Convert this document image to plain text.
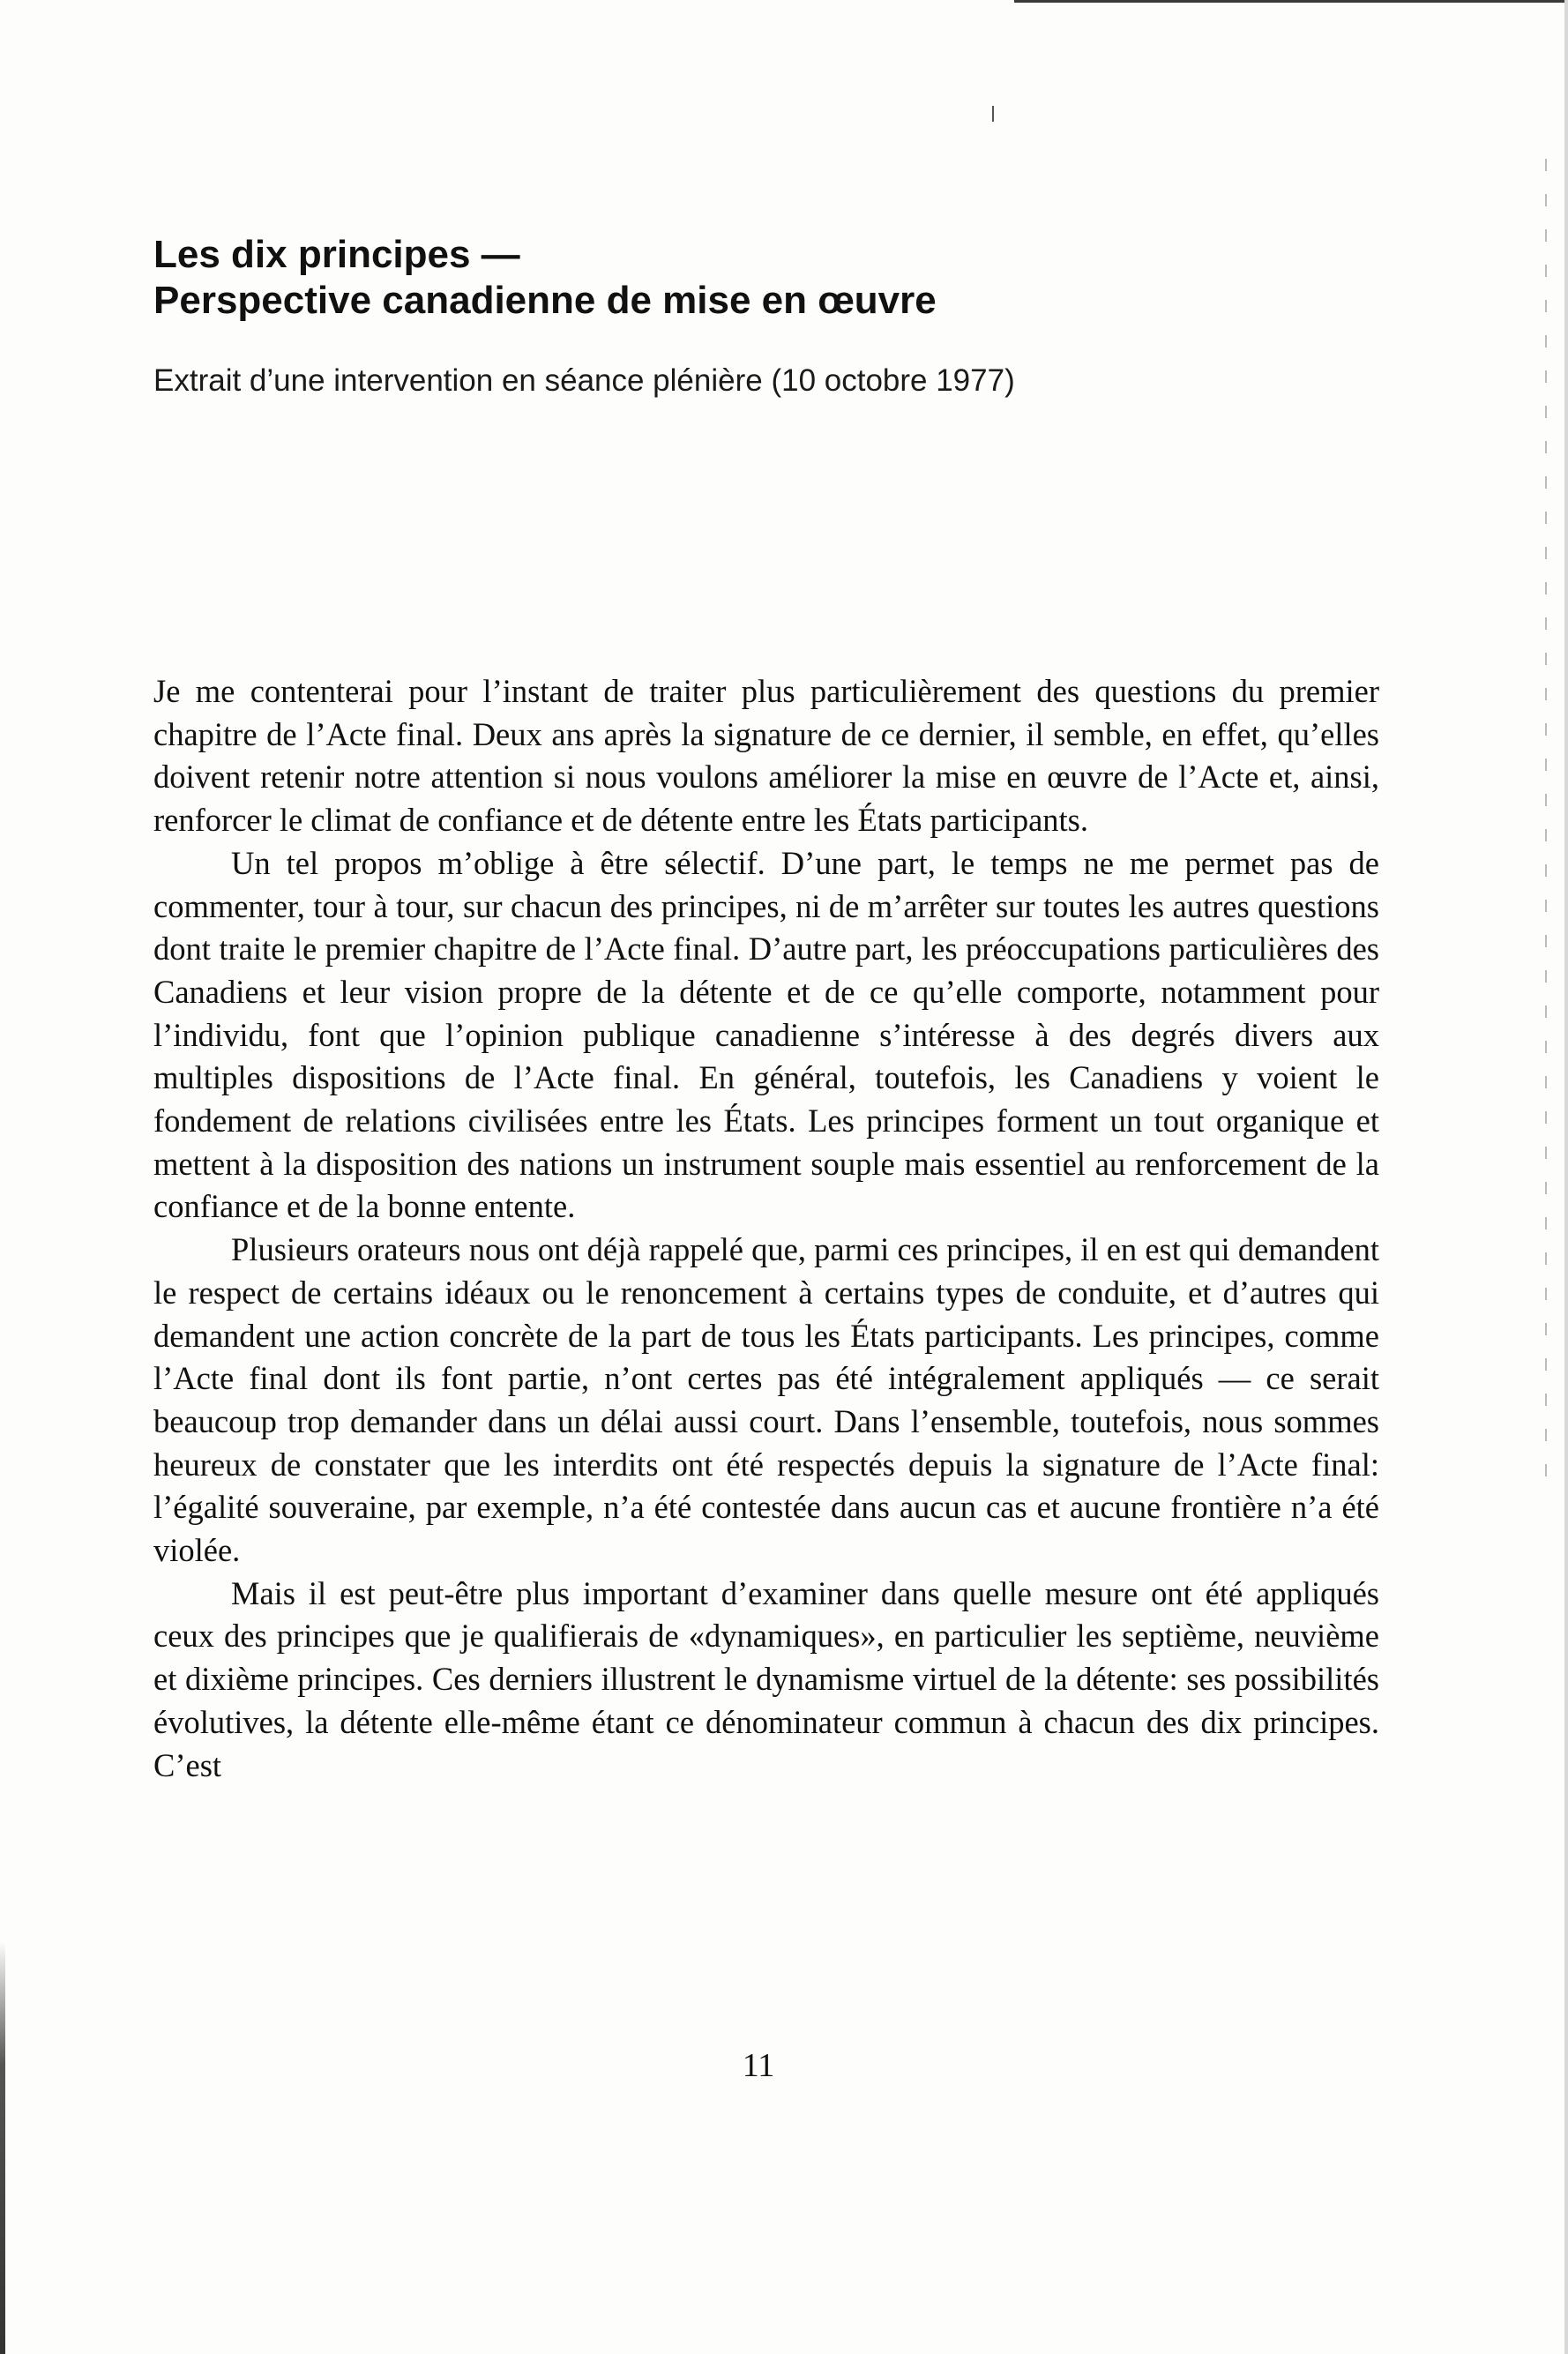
Les dix principes —
Perspective canadienne de mise en œuvre

Extrait d’une intervention en séance plénière (10 octobre 1977)

Je me contenterai pour l’instant de traiter plus particulièrement des questions du premier chapitre de l’Acte final. Deux ans après la signature de ce dernier, il semble, en effet, qu’elles doivent retenir notre attention si nous voulons améliorer la mise en œuvre de l’Acte et, ainsi, renforcer le climat de confiance et de détente entre les États participants.

Un tel propos m’oblige à être sélectif. D’une part, le temps ne me permet pas de commenter, tour à tour, sur chacun des principes, ni de m’arrêter sur toutes les autres questions dont traite le premier chapitre de l’Acte final. D’autre part, les préoccupations particulières des Canadiens et leur vision propre de la détente et de ce qu’elle comporte, notamment pour l’individu, font que l’opinion publique canadienne s’intéresse à des degrés divers aux multiples dispositions de l’Acte final. En général, toutefois, les Canadiens y voient le fondement de relations civilisées entre les États. Les principes forment un tout organique et mettent à la disposition des nations un instrument souple mais essentiel au renforcement de la confiance et de la bonne entente.

Plusieurs orateurs nous ont déjà rappelé que, parmi ces principes, il en est qui demandent le respect de certains idéaux ou le renoncement à certains types de conduite, et d’autres qui demandent une action concrète de la part de tous les États participants. Les principes, comme l’Acte final dont ils font partie, n’ont certes pas été intégralement appliqués — ce serait beaucoup trop demander dans un délai aussi court. Dans l’ensemble, toutefois, nous sommes heureux de constater que les interdits ont été respectés depuis la signature de l’Acte final: l’égalité souveraine, par exemple, n’a été contestée dans aucun cas et aucune frontière n’a été violée.

Mais il est peut-être plus important d’examiner dans quelle mesure ont été appliqués ceux des principes que je qualifierais de «dynamiques», en particulier les septième, neuvième et dixième principes. Ces derniers illustrent le dynamisme virtuel de la détente: ses possibilités évolutives, la détente elle-même étant ce dénominateur commun à chacun des dix principes. C’est

11
